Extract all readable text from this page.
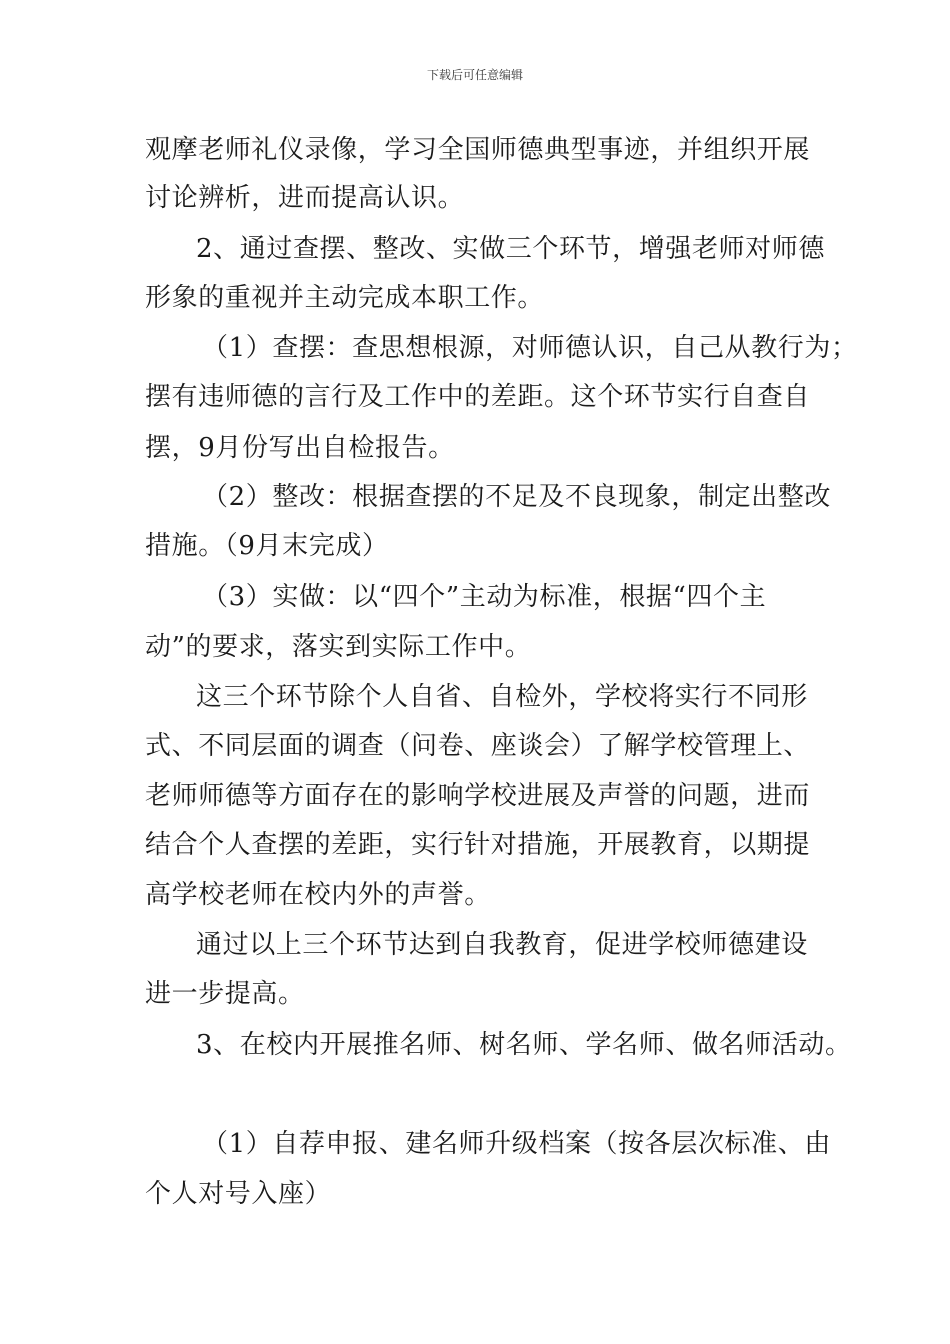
下载后可任意编辑
观摩老师礼仪录像，学习全国师德典型事迹，并组织开展
讨论辨析，进而提高认识。
2、通过查摆、整改、实做三个环节，增强老师对师德
形象的重视并主动完成本职工作。
（1）查摆：查思想根源，对师德认识，自己从教行为；
摆有违师德的言行及工作中的差距。这个环节实行自查自
摆，9月份写出自检报告。
（2）整改：根据查摆的不足及不良现象，制定出整改
措施。（9月末完成）
（3）实做：以“四个”主动为标准，根据“四个主
动”的要求，落实到实际工作中。
这三个环节除个人自省、自检外，学校将实行不同形
式、不同层面的调查（问卷、座谈会）了解学校管理上、
老师师德等方面存在的影响学校进展及声誉的问题，进而
结合个人查摆的差距，实行针对措施，开展教育，以期提
高学校老师在校内外的声誉。
通过以上三个环节达到自我教育，促进学校师德建设
进一步提高。
3、在校内开展推名师、树名师、学名师、做名师活动。
（1）自荐申报、建名师升级档案（按各层次标准、由
个人对号入座）
